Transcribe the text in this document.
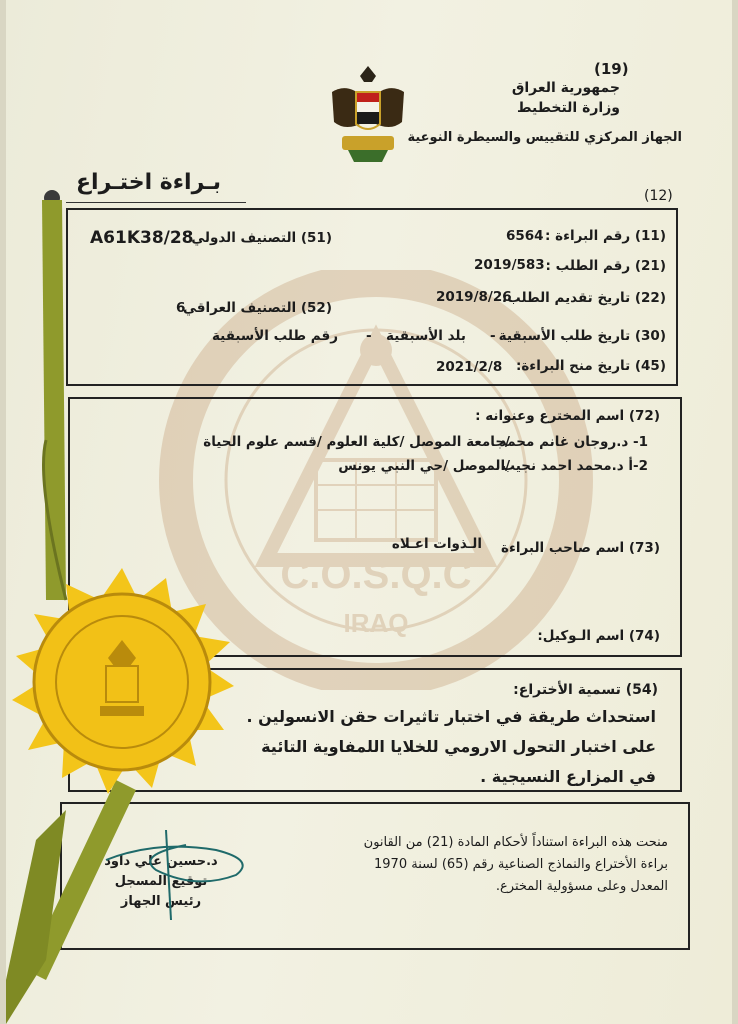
C.O.S.Q.C
IRAQ
(19)
جمهورية العراق
وزارة التخطيط
الجهاز المركزي للتقييس والسيطرة النوعية
بـراءة اختـراع
(12)
(11) رقم البراءة :
6564
(51) التصنيف الدولي
A61K38/28
(21) رقم الطلب :
2019/583
(22) تاريخ تقديم الطلب:
2019/8/26
(52) التصنيف العراقي
6
(30) تاريخ طلب الأسبقية
-
بلد الأسبقية
-
رقم طلب الأسبقية
(45) تاريخ منح البراءة:
2021/2/8
(72) اسم المخترع وعنوانه :
1- د.روجان غانم محمد
/جامعة الموصل /كلية العلوم /قسم علوم الحياة
2-أ د.محمد احمد نجيب
/الموصل /حي النبي يونس
(73) اسم صاحب البراءة
الـذوات اعـلاه
(74) اسم الـوكيل:
(54) تسمية الأختراع:
استحداث طريقة في اختبار تاثيرات حقن الانسولين .
على اختبار التحول الارومي للخلايا اللمفاوية التائية
في المزارع النسيجية .
منحت هذه البراءة استناداً لأحكام المادة (21) من القانون
براءة الأختراع والنماذج الصناعية رقم (65) لسنة 1970
المعدل وعلى مسؤولية المخترع.
د.حسين علي داود
توقيع المسجل
رئيس الجهاز
